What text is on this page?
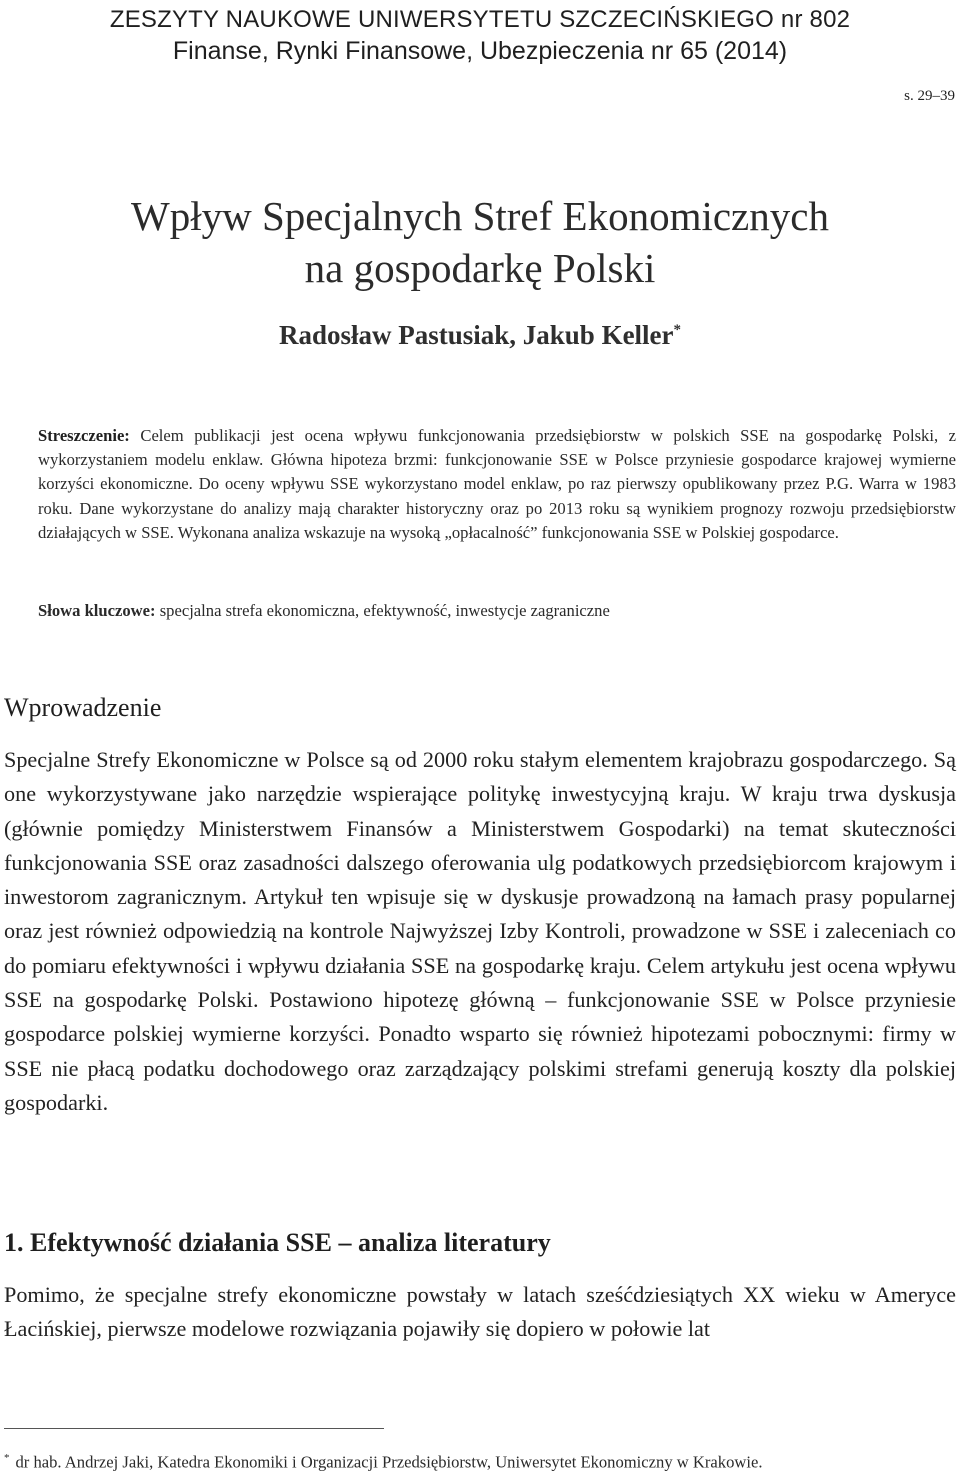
ZESZYTY NAUKOWE UNIWERSYTETU SZCZECIŃSKIEGO nr 802
Finanse, Rynki Finansowe, Ubezpieczenia nr 65 (2014)
s. 29–39
Wpływ Specjalnych Stref Ekonomicznych
na gospodarkę Polski
Radosław Pastusiak, Jakub Keller*
Streszczenie: Celem publikacji jest ocena wpływu funkcjonowania przedsiębiorstw w polskich SSE na gospodarkę Polski, z wykorzystaniem modelu enklaw. Główna hipoteza brzmi: funkcjonowanie SSE w Polsce przyniesie gospodarce krajowej wymierne korzyści ekonomiczne. Do oceny wpływu SSE wykorzystano model enklaw, po raz pierwszy opublikowany przez P.G. Warra w 1983 roku. Dane wykorzystane do analizy mają charakter historyczny oraz po 2013 roku są wynikiem prognozy rozwoju przedsiębiorstw działających w SSE. Wykonana analiza wskazuje na wysoką „opłacalność” funkcjonowania SSE w Polskiej gospodarce.
Słowa kluczowe: specjalna strefa ekonomiczna, efektywność, inwestycje zagraniczne
Wprowadzenie
Specjalne Strefy Ekonomiczne w Polsce są od 2000 roku stałym elementem krajobrazu gospodarczego. Są one wykorzystywane jako narzędzie wspierające politykę inwestycyjną kraju. W kraju trwa dyskusja (głównie pomiędzy Ministerstwem Finansów a Ministerstwem Gospodarki) na temat skuteczności funkcjonowania SSE oraz zasadności dalszego oferowania ulg podatkowych przedsiębiorcom krajowym i inwestorom zagranicznym. Artykuł ten wpisuje się w dyskusje prowadzoną na łamach prasy popularnej oraz jest również odpowiedzią na kontrole Najwyższej Izby Kontroli, prowadzone w SSE i zaleceniach co do pomiaru efektywności i wpływu działania SSE na gospodarkę kraju. Celem artykułu jest ocena wpływu SSE na gospodarkę Polski. Postawiono hipotezę główną – funkcjonowanie SSE w Polsce przyniesie gospodarce polskiej wymierne korzyści. Ponadto wsparto się również hipotezami pobocznymi: firmy w SSE nie płacą podatku dochodowego oraz zarządzający polskimi strefami generują koszty dla polskiej gospodarki.
1. Efektywność działania SSE – analiza literatury
Pomimo, że specjalne strefy ekonomiczne powstały w latach sześćdziesiątych XX wieku w Ameryce Łacińskiej, pierwsze modelowe rozwiązania pojawiły się dopiero w połowie lat
* dr hab. Andrzej Jaki, Katedra Ekonomiki i Organizacji Przedsiębiorstw, Uniwersytet Ekonomiczny w Krakowie.
